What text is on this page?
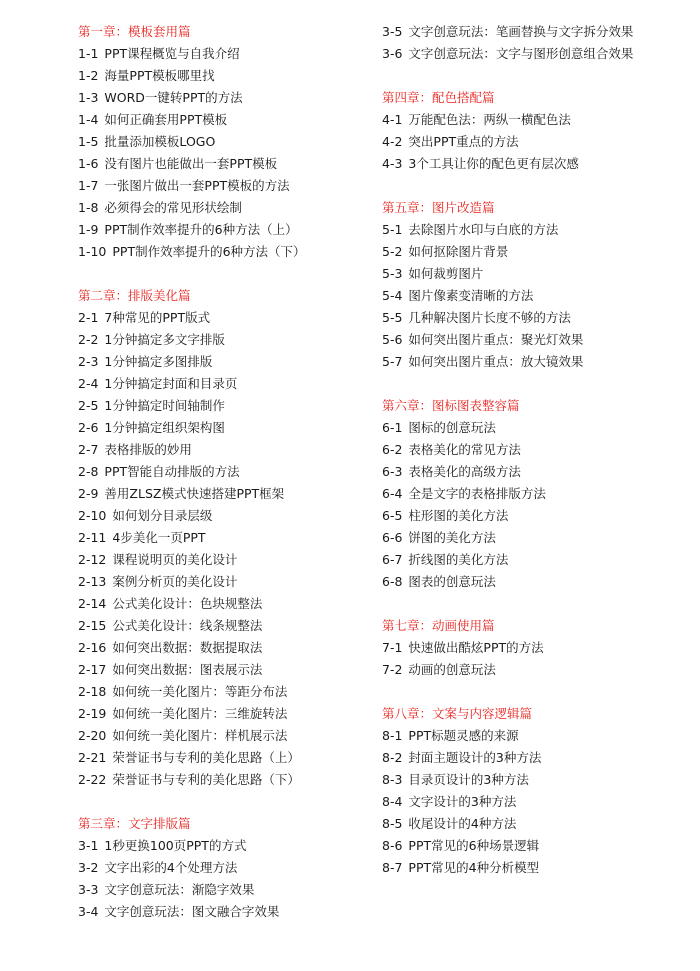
第一章：模板套用篇
1-1 PPT课程概览与自我介绍
1-2 海量PPT模板哪里找
1-3 WORD一键转PPT的方法
1-4 如何正确套用PPT模板
1-5 批量添加模板LOGO
1-6 没有图片也能做出一套PPT模板
1-7 一张图片做出一套PPT模板的方法
1-8 必须得会的常见形状绘制
1-9 PPT制作效率提升的6种方法（上）
1-10 PPT制作效率提升的6种方法（下）
第二章：排版美化篇
2-1 7种常见的PPT版式
2-2 1分钟搞定多文字排版
2-3 1分钟搞定多图排版
2-4 1分钟搞定封面和目录页
2-5 1分钟搞定时间轴制作
2-6 1分钟搞定组织架构图
2-7 表格排版的妙用
2-8 PPT智能自动排版的方法
2-9 善用ZLSZ模式快速搭建PPT框架
2-10 如何划分目录层级
2-11 4步美化一页PPT
2-12 课程说明页的美化设计
2-13 案例分析页的美化设计
2-14 公式美化设计：色块规整法
2-15 公式美化设计：线条规整法
2-16 如何突出数据：数据提取法
2-17 如何突出数据：图表展示法
2-18 如何统一美化图片：等距分布法
2-19 如何统一美化图片：三维旋转法
2-20 如何统一美化图片：样机展示法
2-21 荣誉证书与专利的美化思路（上）
2-22 荣誉证书与专利的美化思路（下）
第三章：文字排版篇
3-1 1秒更换100页PPT的方式
3-2 文字出彩的4个处理方法
3-3 文字创意玩法：渐隐字效果
3-4 文字创意玩法：图文融合字效果
3-5 文字创意玩法：笔画替换与文字拆分效果
3-6 文字创意玩法：文字与图形创意组合效果
第四章：配色搭配篇
4-1 万能配色法：两纵一横配色法
4-2 突出PPT重点的方法
4-3 3个工具让你的配色更有层次感
第五章：图片改造篇
5-1 去除图片水印与白底的方法
5-2 如何抠除图片背景
5-3 如何裁剪图片
5-4 图片像素变清晰的方法
5-5 几种解决图片长度不够的方法
5-6 如何突出图片重点：聚光灯效果
5-7 如何突出图片重点：放大镜效果
第六章：图标图表整容篇
6-1 图标的创意玩法
6-2 表格美化的常见方法
6-3 表格美化的高级方法
6-4 全是文字的表格排版方法
6-5 柱形图的美化方法
6-6 饼图的美化方法
6-7 折线图的美化方法
6-8 图表的创意玩法
第七章：动画使用篇
7-1 快速做出酷炫PPT的方法
7-2 动画的创意玩法
第八章：文案与内容逻辑篇
8-1 PPT标题灵感的来源
8-2 封面主题设计的3种方法
8-3 目录页设计的3种方法
8-4 文字设计的3种方法
8-5 收尾设计的4种方法
8-6 PPT常见的6种场景逻辑
8-7 PPT常见的4种分析模型
